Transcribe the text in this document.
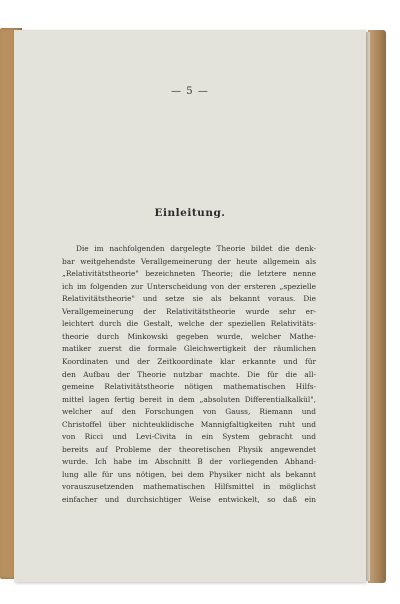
— 5 —
Einleitung.
Die im nachfolgenden dargelegte Theorie bildet die denk-
bar weitgehendste Verallgemeinerung der heute allgemein als
„Relativitätstheorie" bezeichneten Theorie; die letztere nenne
ich im folgenden zur Unterscheidung von der ersteren „spezielle
Relativitätstheorie" und setze sie als bekannt voraus. Die
Verallgemeinerung der Relativitätstheorie wurde sehr er-
leichtert durch die Gestalt, welche der speziellen Relativitäts-
theorie durch Minkowski gegeben wurde, welcher Mathe-
matiker zuerst die formale Gleichwertigkeit der räumlichen
Koordinaten und der Zeitkoordinate klar erkannte und für
den Aufbau der Theorie nutzbar machte. Die für die all-
gemeine Relativitätstheorie nötigen mathematischen Hilfs-
mittel lagen fertig bereit in dem „absoluten Differentialkalkül",
welcher auf den Forschungen von Gauss, Riemann und
Christoffel über nichteuklidische Mannigfaltigkeiten ruht und
von Ricci und Levi-Civita in ein System gebracht und
bereits auf Probleme der theoretischen Physik angewendet
wurde. Ich habe im Abschnitt B der vorliegenden Abhand-
lung alle für uns nötigen, bei dem Physiker nicht als bekannt
vorauszusetzenden mathematischen Hilfsmittel in möglichst
einfacher und durchsichtiger Weise entwickelt, so daß ein
